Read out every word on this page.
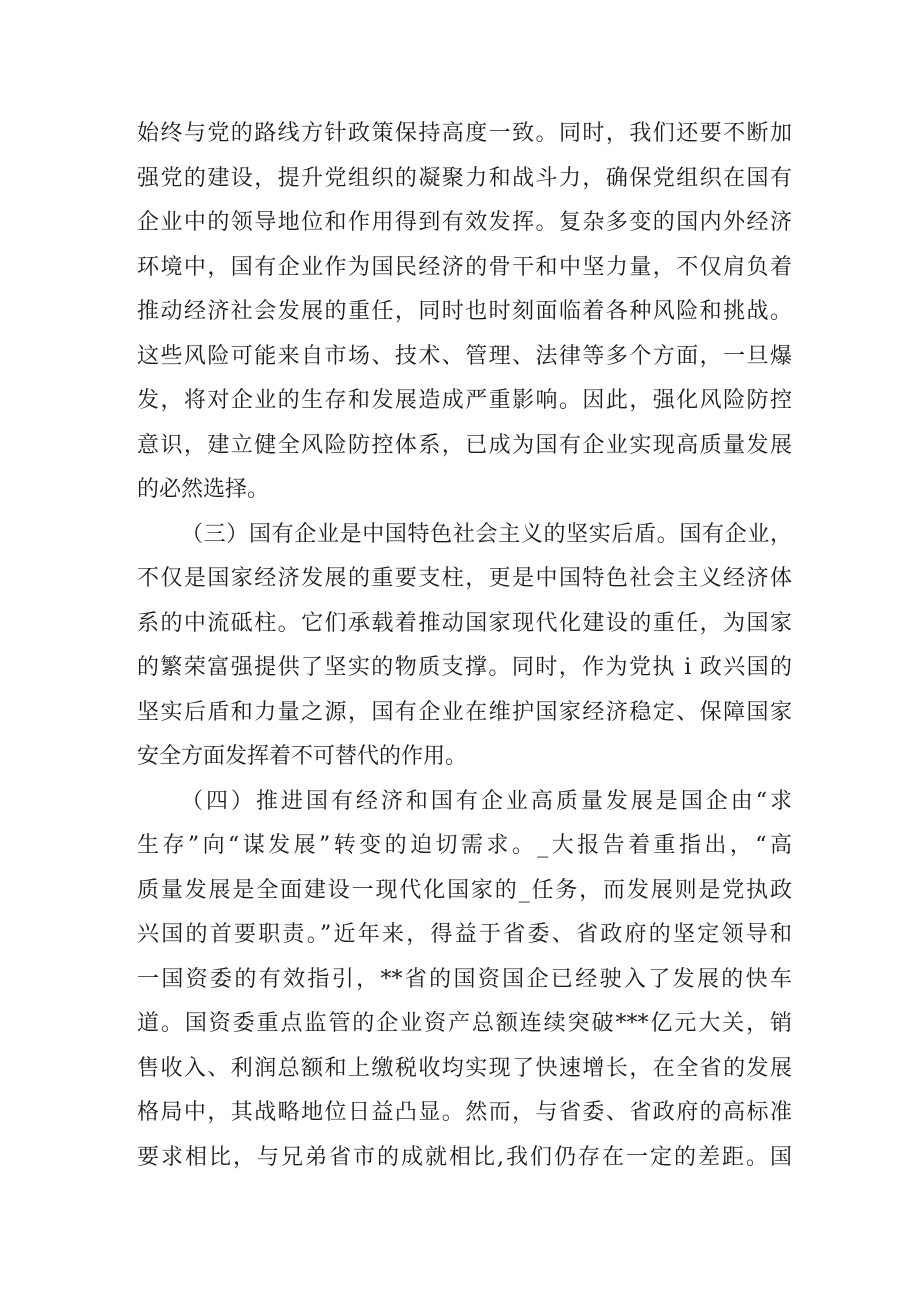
始终与党的路线方针政策保持高度一致。同时，我们还要不断加
强党的建设，提升党组织的凝聚力和战斗力，确保党组织在国有
企业中的领导地位和作用得到有效发挥。复杂多变的国内外经济
环境中，国有企业作为国民经济的骨干和中坚力量，不仅肩负着
推动经济社会发展的重任，同时也时刻面临着各种风险和挑战。
这些风险可能来自市场、技术、管理、法律等多个方面，一旦爆
发，将对企业的生存和发展造成严重影响。因此，强化风险防控
意识，建立健全风险防控体系，已成为国有企业实现高质量发展
的必然选择。
（三）国有企业是中国特色社会主义的坚实后盾。国有企业，
不仅是国家经济发展的重要支柱，更是中国特色社会主义经济体
系的中流砥柱。它们承载着推动国家现代化建设的重任，为国家
的繁荣富强提供了坚实的物质支撑。同时，作为党执 i 政兴国的
坚实后盾和力量之源，国有企业在维护国家经济稳定、保障国家
安全方面发挥着不可替代的作用。
（四）推进国有经济和国有企业高质量发展是国企由“求
生存”向“谋发展”转变的迫切需求。_大报告着重指出，“高
质量发展是全面建设一现代化国家的_任务，而发展则是党执政
兴国的首要职责。”近年来，得益于省委、省政府的坚定领导和
一国资委的有效指引，**省的国资国企已经驶入了发展的快车
道。国资委重点监管的企业资产总额连续突破***亿元大关，销
售收入、利润总额和上缴税收均实现了快速增长，在全省的发展
格局中，其战略地位日益凸显。然而，与省委、省政府的高标准
要求相比，与兄弟省市的成就相比,我们仍存在一定的差距。国
